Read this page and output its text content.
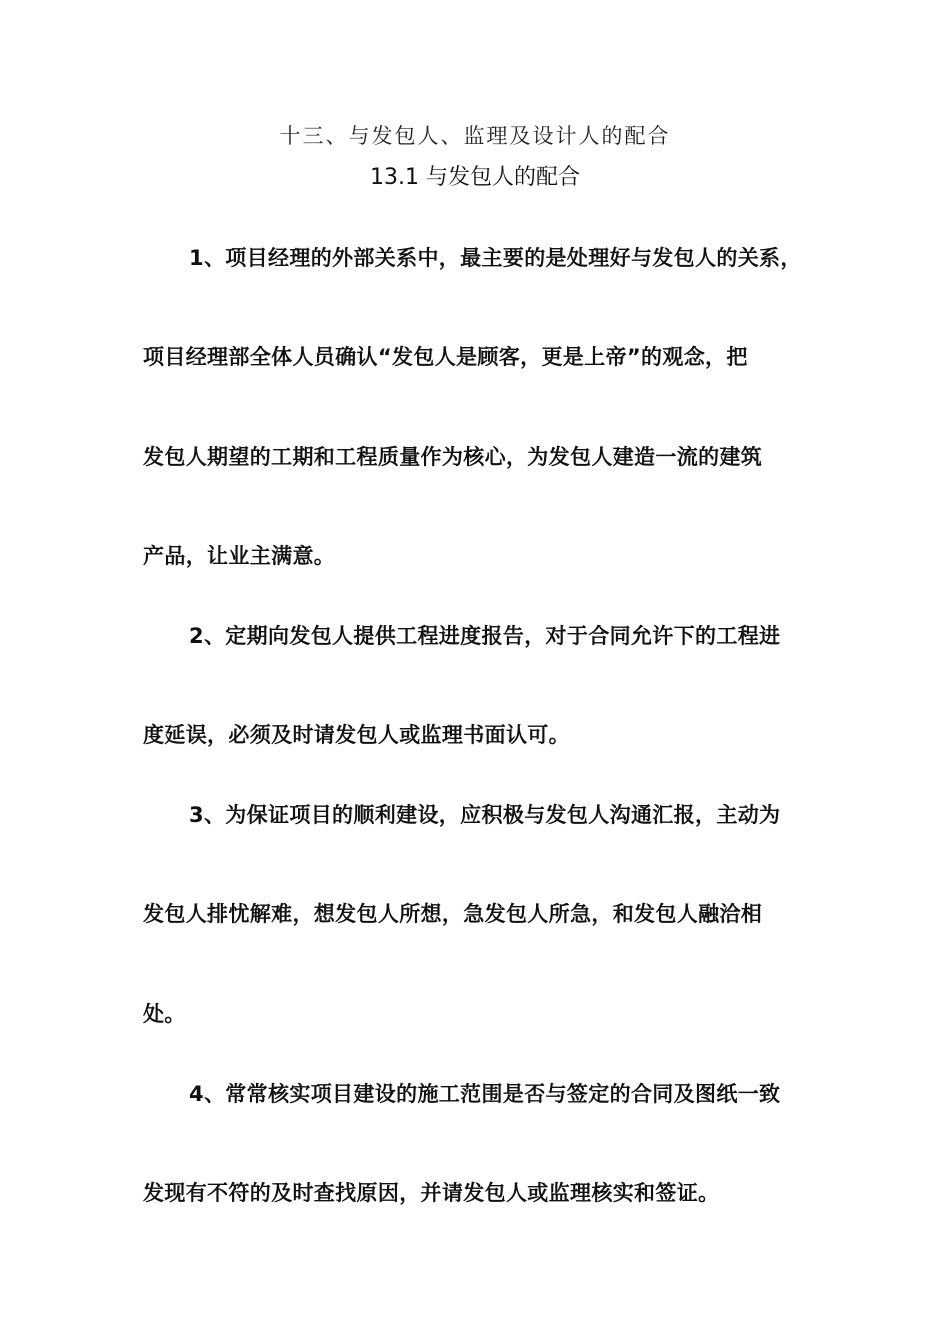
十三、与发包人、监理及设计人的配合
13.1 与发包人的配合
1、项目经理的外部关系中，最主要的是处理好与发包人的关系，
项目经理部全体人员确认“发包人是顾客，更是上帝”的观念，把
发包人期望的工期和工程质量作为核心，为发包人建造一流的建筑
产品，让业主满意。
2、定期向发包人提供工程进度报告，对于合同允许下的工程进
度延误，必须及时请发包人或监理书面认可。
3、为保证项目的顺利建设，应积极与发包人沟通汇报，主动为
发包人排忧解难，想发包人所想，急发包人所急，和发包人融洽相
处。
4、常常核实项目建设的施工范围是否与签定的合同及图纸一致
发现有不符的及时查找原因，并请发包人或监理核实和签证。
